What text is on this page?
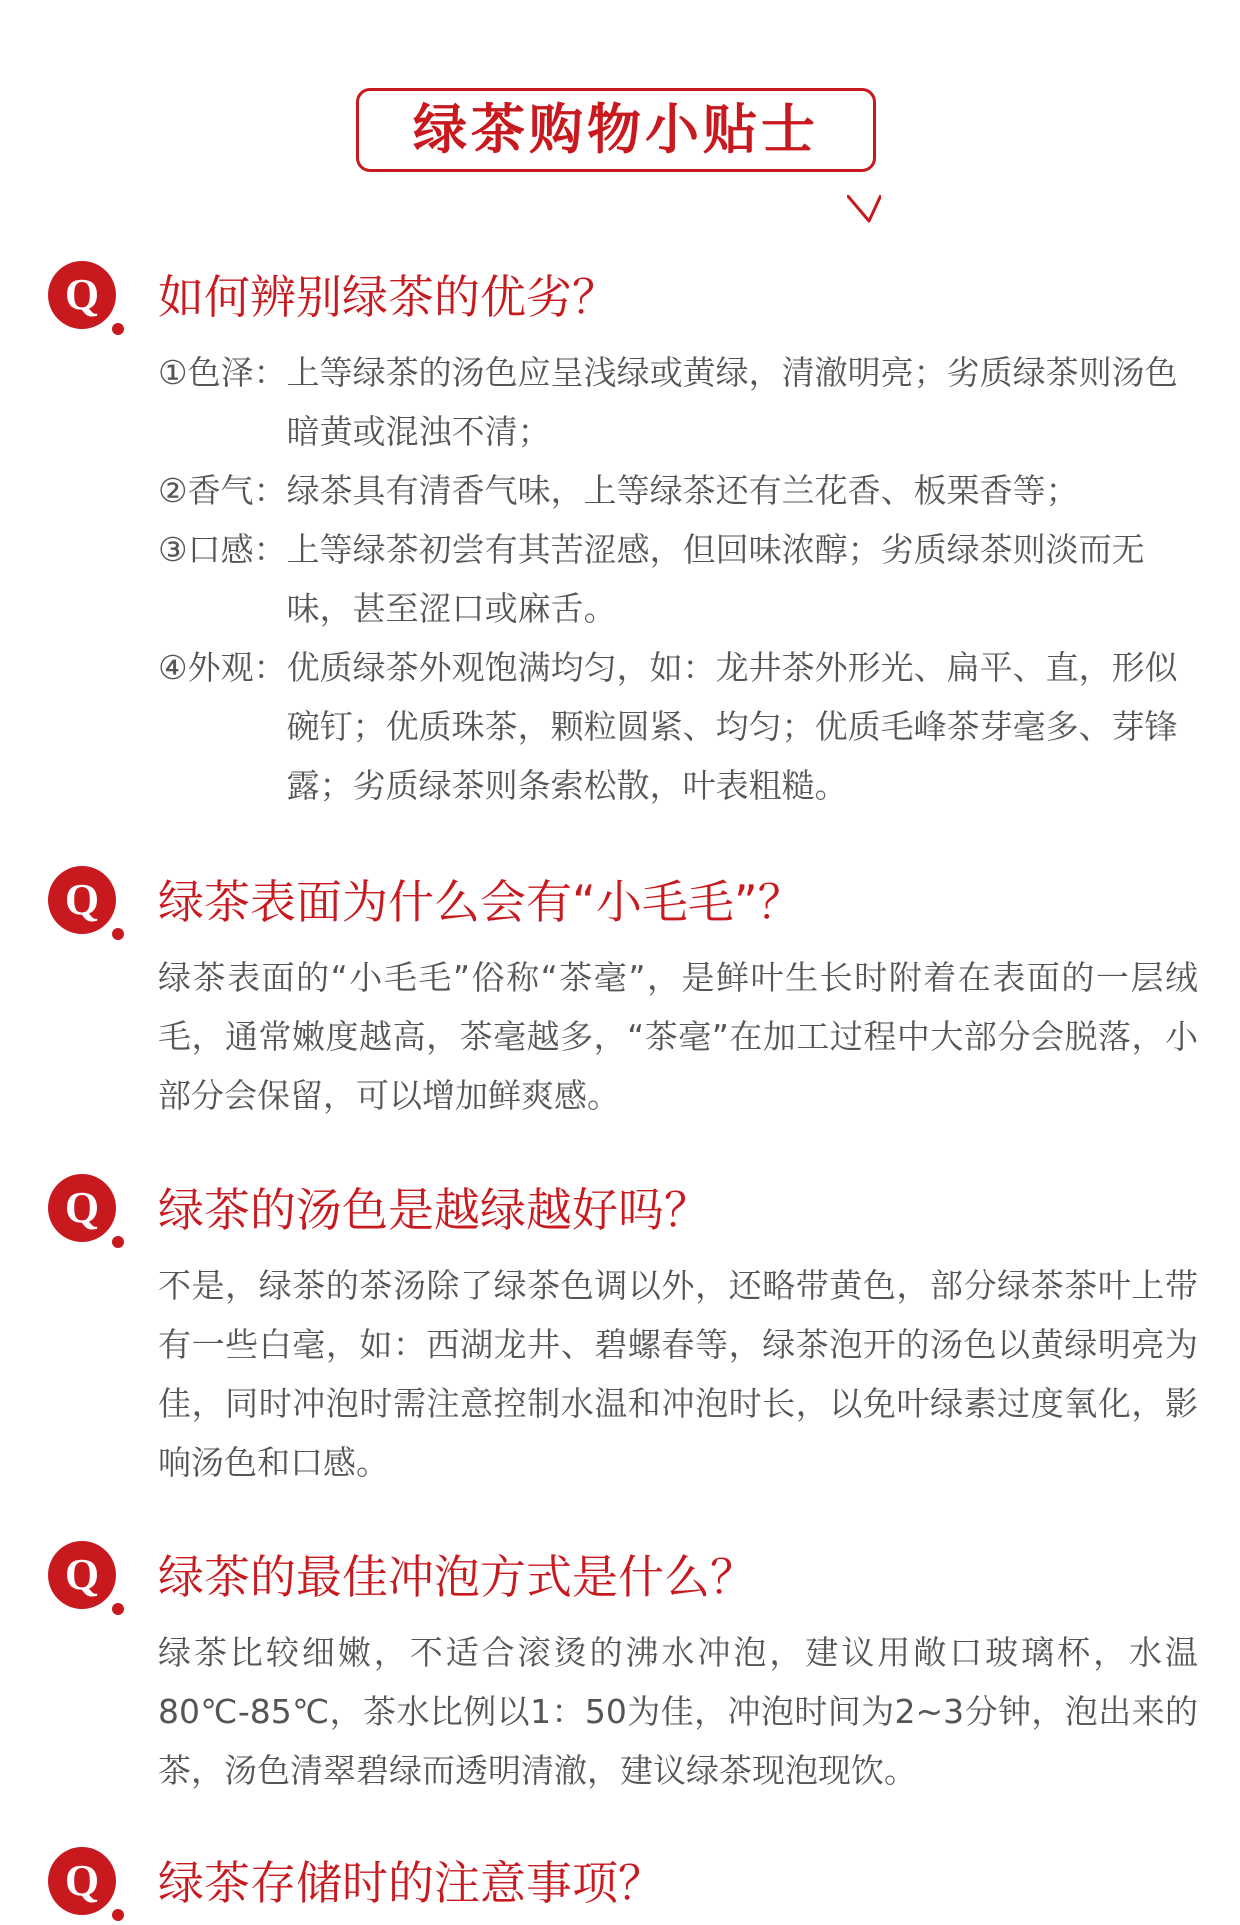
绿茶购物小贴士
Q 如何辨别绿茶的优劣？
①色泽： 上等绿茶的汤色应呈浅绿或黄绿，清澈明亮；劣质绿茶则汤色暗黄或混浊不清；
②香气： 绿茶具有清香气味，上等绿茶还有兰花香、板栗香等；
③口感： 上等绿茶初尝有其苦涩感，但回味浓醇；劣质绿茶则淡而无味，甚至涩口或麻舌。
④外观： 优质绿茶外观饱满均匀，如：龙井茶外形光、扁平、直，形似碗钉；优质珠茶，颗粒圆紧、均匀；优质毛峰茶芽毫多、芽锋露；劣质绿茶则条索松散，叶表粗糙。
Q 绿茶表面为什么会有“小毛毛”？
绿茶表面的“小毛毛”俗称“茶毫”，是鲜叶生长时附着在表面的一层绒毛，通常嫩度越高，茶毫越多，“茶毫”在加工过程中大部分会脱落，小部分会保留，可以增加鲜爽感。
Q 绿茶的汤色是越绿越好吗？
不是，绿茶的茶汤除了绿茶色调以外，还略带黄色，部分绿茶茶叶上带有一些白毫，如：西湖龙井、碧螺春等，绿茶泡开的汤色以黄绿明亮为佳，同时冲泡时需注意控制水温和冲泡时长，以免叶绿素过度氧化，影响汤色和口感。
Q 绿茶的最佳冲泡方式是什么？
绿茶比较细嫩，不适合滚烫的沸水冲泡，建议用敞口玻璃杯，水温80℃-85℃，茶水比例以1：50为佳，冲泡时间为2~3分钟，泡出来的茶，汤色清翠碧绿而透明清澈，建议绿茶现泡现饮。
Q 绿茶存储时的注意事项？
